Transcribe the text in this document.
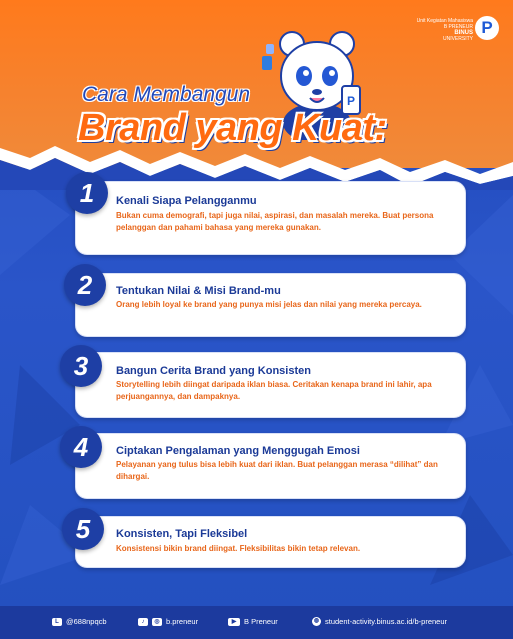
Unit Kegiatan Mahasiswa
B PRENEUR
BINUS
UNIVERSITY
P
P
Cara Membangun
Brand yang Kuat:
Kenali Siapa Pelangganmu
Bukan cuma demografi, tapi juga nilai, aspirasi, dan masalah mereka. Buat persona pelanggan dan pahami bahasa yang mereka gunakan.
1
Tentukan Nilai & Misi Brand-mu
Orang lebih loyal ke brand yang punya misi jelas dan nilai yang mereka percaya.
2
Bangun Cerita Brand yang Konsisten
Storytelling lebih diingat daripada iklan biasa. Ceritakan kenapa brand ini lahir, apa perjuangannya, dan dampaknya.
3
Ciptakan Pengalaman yang Menggugah Emosi
Pelayanan yang tulus bisa lebih kuat dari iklan. Buat pelanggan merasa “dilihat” dan dihargai.
4
Konsisten, Tapi Fleksibel
Konsistensi bikin brand diingat. Fleksibilitas bikin tetap relevan.
5
L @688npqcb	♪	◎ b.preneur	▶	B Preneur	◍ student-activity.binus.ac.id/b-preneur
